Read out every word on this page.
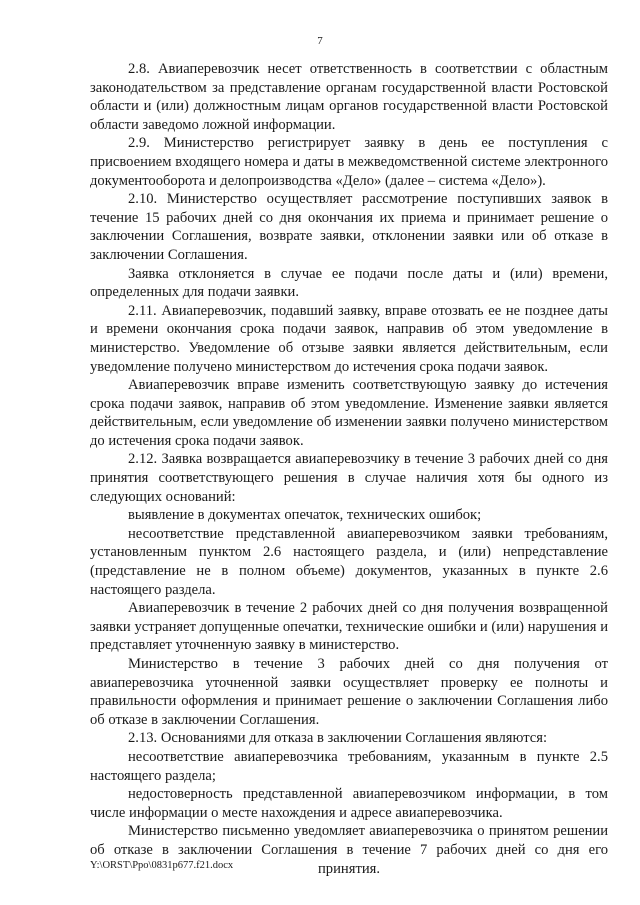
7

2.8. Авиаперевозчик несет ответственность в соответствии с областным законодательством за представление органам государственной власти Ростовской области и (или) должностным лицам органов государственной власти Ростовской области заведомо ложной информации.

2.9. Министерство регистрирует заявку в день ее поступления с присвоением входящего номера и даты в межведомственной системе электронного документооборота и делопроизводства «Дело» (далее – система «Дело»).

2.10. Министерство осуществляет рассмотрение поступивших заявок в течение 15 рабочих дней со дня окончания их приема и принимает решение о заключении Соглашения, возврате заявки, отклонении заявки или об отказе в заключении Соглашения.

Заявка отклоняется в случае ее подачи после даты и (или) времени, определенных для подачи заявки.

2.11. Авиаперевозчик, подавший заявку, вправе отозвать ее не позднее даты и времени окончания срока подачи заявок, направив об этом уведомление в министерство. Уведомление об отзыве заявки является действительным, если уведомление получено министерством до истечения срока подачи заявок.

Авиаперевозчик вправе изменить соответствующую заявку до истечения срока подачи заявок, направив об этом уведомление. Изменение заявки является действительным, если уведомление об изменении заявки получено министерством до истечения срока подачи заявок.

2.12. Заявка возвращается авиаперевозчику в течение 3 рабочих дней со дня принятия соответствующего решения в случае наличия хотя бы одного из следующих оснований:

выявление в документах опечаток, технических ошибок;

несоответствие представленной авиаперевозчиком заявки требованиям, установленным пунктом 2.6 настоящего раздела, и (или) непредставление (представление не в полном объеме) документов, указанных в пункте 2.6 настоящего раздела.

Авиаперевозчик в течение 2 рабочих дней со дня получения возвращенной заявки устраняет допущенные опечатки, технические ошибки и (или) нарушения и представляет уточненную заявку в министерство.

Министерство в течение 3 рабочих дней со дня получения от авиаперевозчика уточненной заявки осуществляет проверку ее полноты и правильности оформления и принимает решение о заключении Соглашения либо об отказе в заключении Соглашения.

2.13. Основаниями для отказа в заключении Соглашения являются:

несоответствие авиаперевозчика требованиям, указанным в пункте 2.5 настоящего раздела;

недостоверность представленной авиаперевозчиком информации, в том числе информации о месте нахождения и адресе авиаперевозчика.

Министерство письменно уведомляет авиаперевозчика о принятом решении об отказе в заключении Соглашения в течение 7 рабочих дней со дня его принятия.

Y:\ORST\Ppo\0831p677.f21.docx
